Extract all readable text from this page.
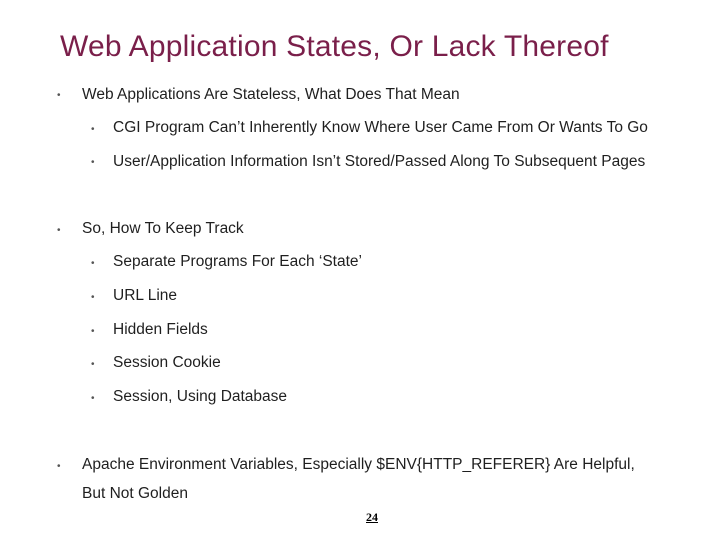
Web Application States, Or Lack Thereof
• Web Applications Are Stateless, What Does That Mean
• CGI Program Can’t Inherently Know Where User Came From Or Wants To Go
• User/Application Information Isn’t Stored/Passed Along To Subsequent Pages
• So, How To Keep Track
• Separate Programs For Each ‘State’
• URL Line
• Hidden Fields
• Session Cookie
• Session, Using Database
• Apache Environment Variables, Especially $ENV{HTTP_REFERER} Are Helpful,
But Not Golden
24
